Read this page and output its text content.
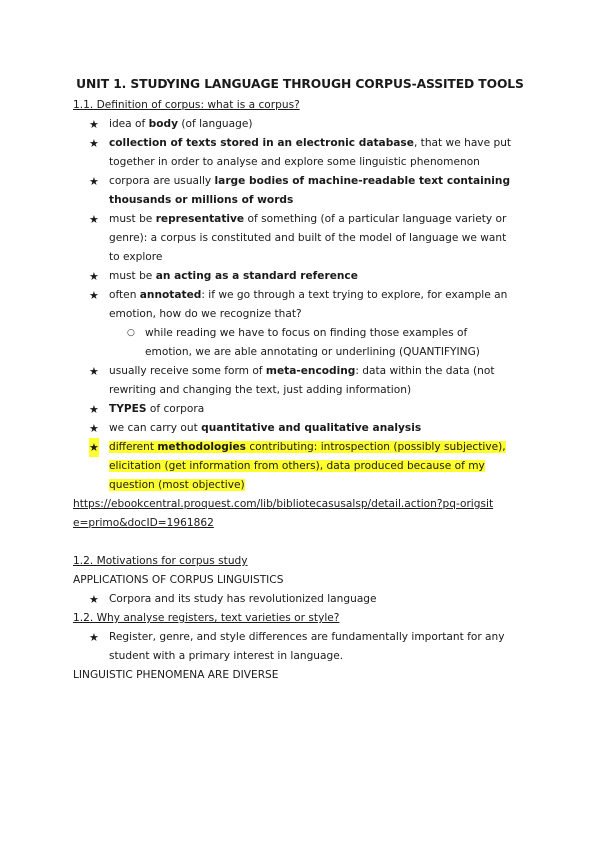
UNIT 1. STUDYING LANGUAGE THROUGH CORPUS-ASSITED TOOLS
1.1. Definition of corpus: what is a corpus?
★ idea of body (of language)
★ collection of texts stored in an electronic database, that we have put
together in order to analyse and explore some linguistic phenomenon
★ corpora are usually large bodies of machine-readable text containing
thousands or millions of words
★ must be representative of something (of a particular language variety or
genre): a corpus is constituted and built of the model of language we want
to explore
★ must be an acting as a standard reference
★ often annotated: if we go through a text trying to explore, for example an
emotion, how do we recognize that?
○ while reading we have to focus on finding those examples of
emotion, we are able annotating or underlining (QUANTIFYING)
★ usually receive some form of meta-encoding: data within the data (not
rewriting and changing the text, just adding information)
★ TYPES of corpora
★ we can carry out quantitative and qualitative analysis
★ different methodologies contributing: introspection (possibly subjective),
elicitation (get information from others), data produced because of my
question (most objective)
https://ebookcentral.proquest.com/lib/bibliotecasusalsp/detail.action?pq-origsit
e=primo&docID=1961862
1.2. Motivations for corpus study
APPLICATIONS OF CORPUS LINGUISTICS
★ Corpora and its study has revolutionized language
1.2. Why analyse registers, text varieties or style?
★ Register, genre, and style differences are fundamentally important for any
student with a primary interest in language.
LINGUISTIC PHENOMENA ARE DIVERSE
